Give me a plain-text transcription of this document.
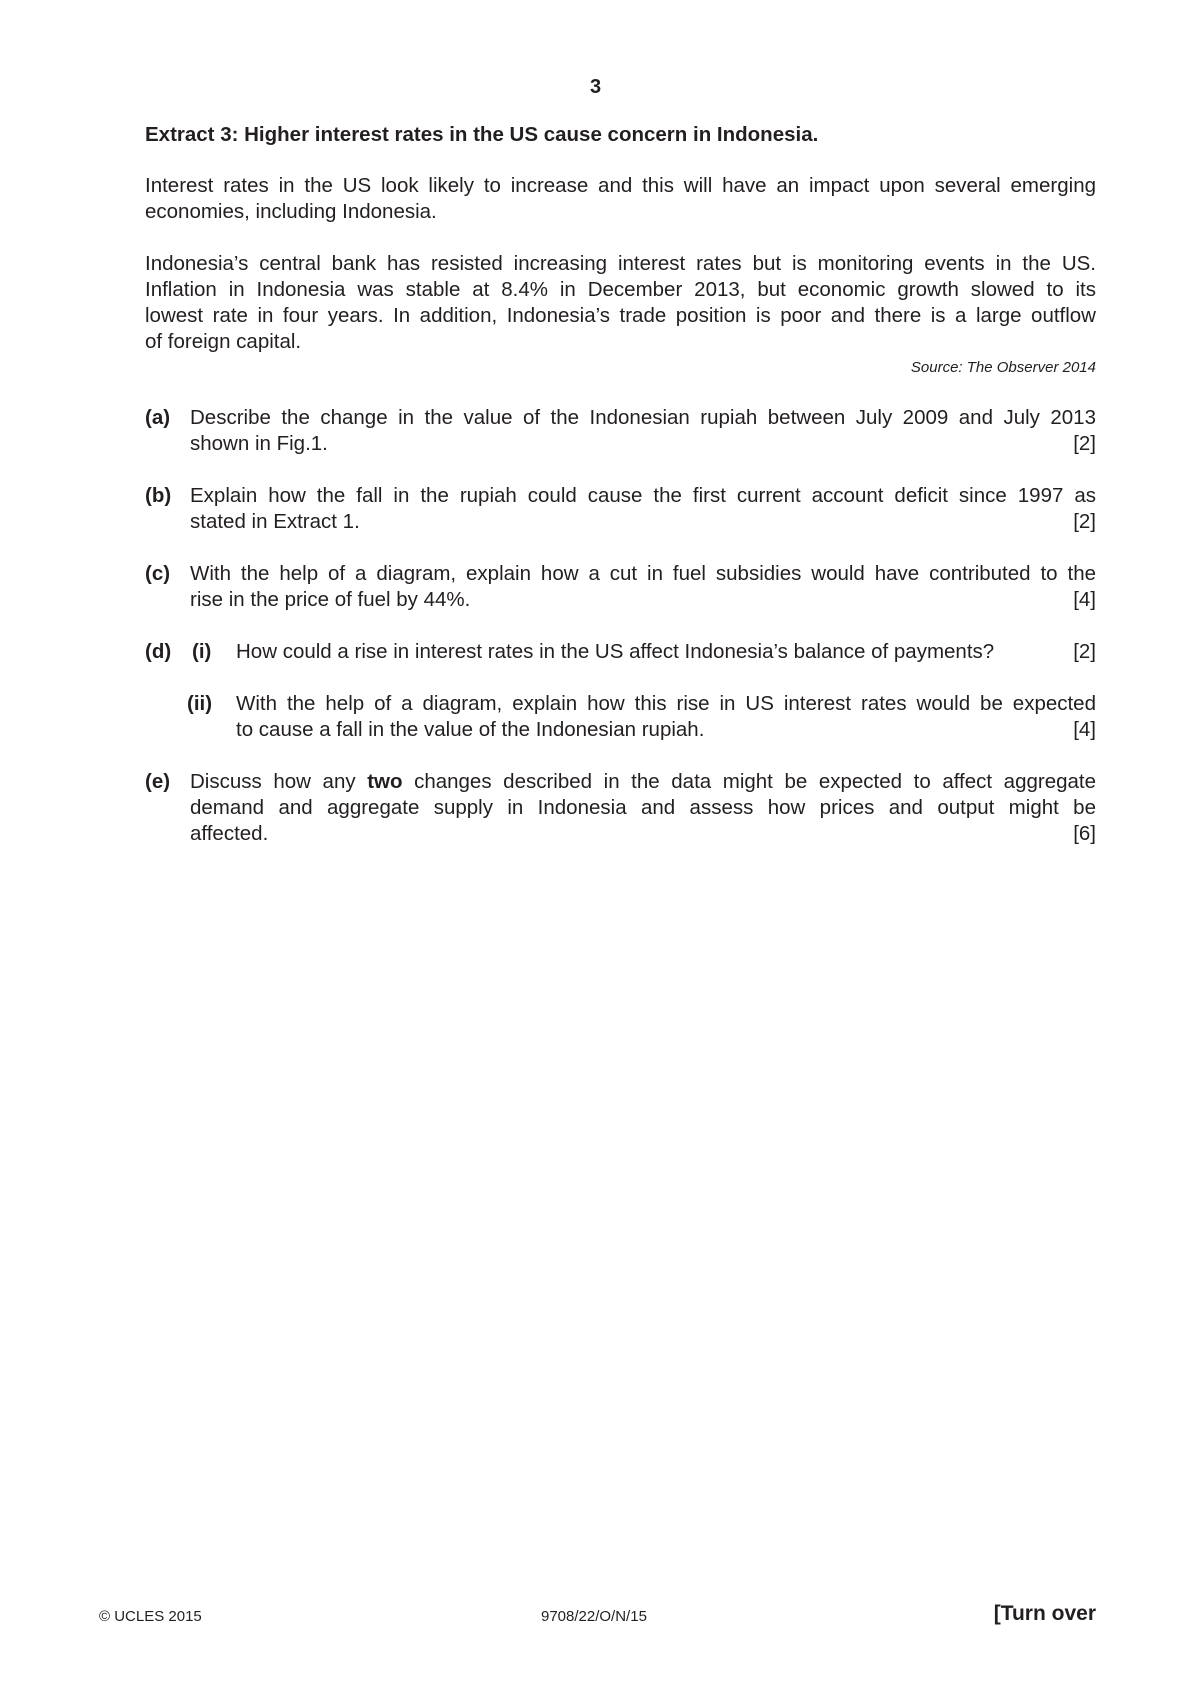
3
Extract 3: Higher interest rates in the US cause concern in Indonesia.
Interest rates in the US look likely to increase and this will have an impact upon several emerging
economies, including Indonesia.
Indonesia’s central bank has resisted increasing interest rates but is monitoring events in the US.
Inflation in Indonesia was stable at 8.4% in December 2013, but economic growth slowed to its
lowest rate in four years. In addition, Indonesia’s trade position is poor and there is a large outflow
of foreign capital.
Source: The Observer 2014
(a) Describe the change in the value of the Indonesian rupiah between July 2009 and July 2013
shown in Fig.1.	[2]
(b) Explain how the fall in the rupiah could cause the first current account deficit since 1997 as
stated in Extract 1.	[2]
(c) With the help of a diagram, explain how a cut in fuel subsidies would have contributed to the
rise in the price of fuel by 44%.	[4]
(d) (i) How could a rise in interest rates in the US affect Indonesia’s balance of payments?	[2]
(ii) With the help of a diagram, explain how this rise in US interest rates would be expected
to cause a fall in the value of the Indonesian rupiah.	[4]
(e) Discuss how any two changes described in the data might be expected to affect aggregate
demand and aggregate supply in Indonesia and assess how prices and output might be
affected.	[6]
© UCLES 2015	9708/22/O/N/15	[Turn over
